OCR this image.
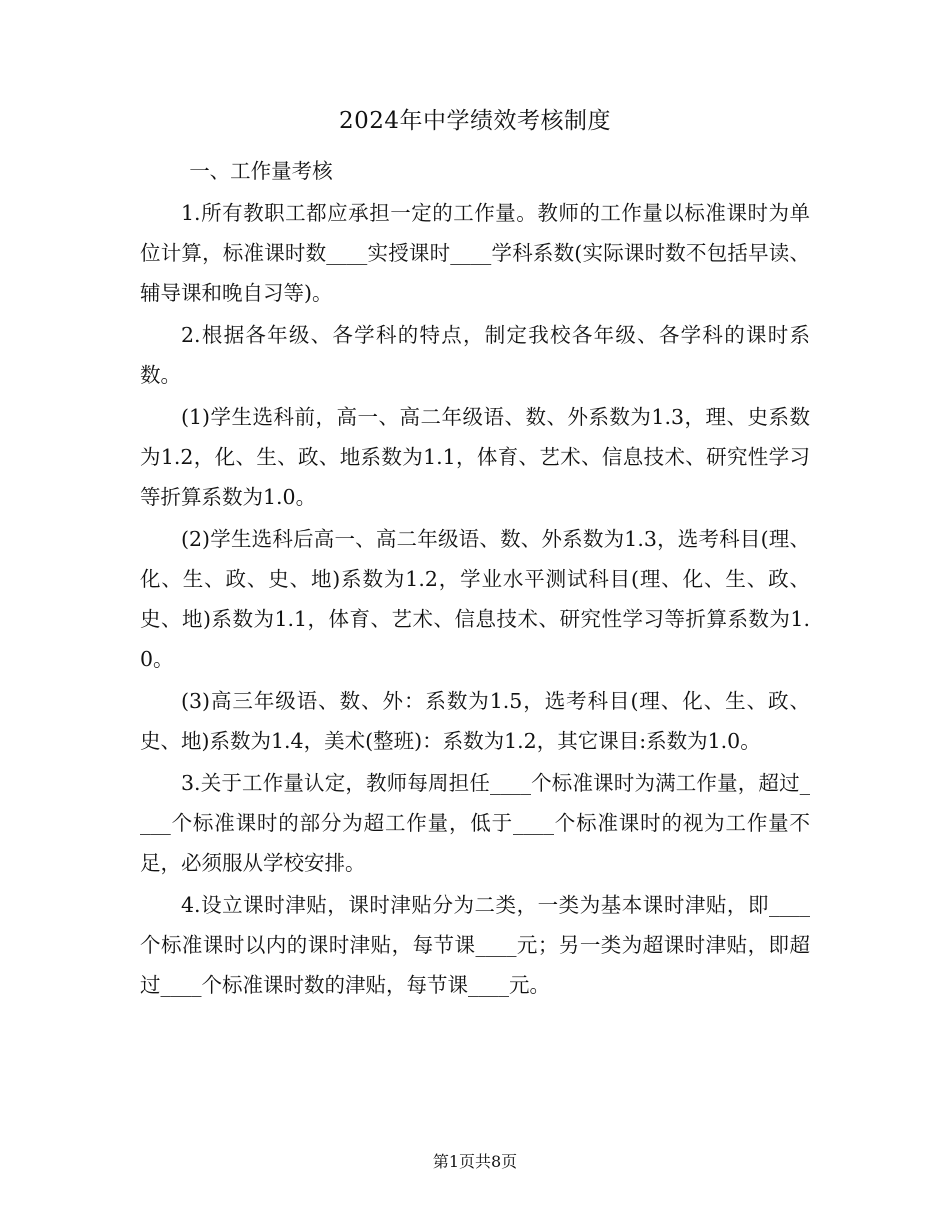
2024年中学绩效考核制度
一、工作量考核

1.所有教职工都应承担一定的工作量。教师的工作量以标准课时为单位计算，标准课时数____实授课时____学科系数(实际课时数不包括早读、辅导课和晚自习等)。

2.根据各年级、各学科的特点，制定我校各年级、各学科的课时系数。

(1)学生选科前，高一、高二年级语、数、外系数为1.3，理、史系数为1.2，化、生、政、地系数为1.1，体育、艺术、信息技术、研究性学习等折算系数为1.0。

(2)学生选科后高一、高二年级语、数、外系数为1.3，选考科目(理、化、生、政、史、地)系数为1.2，学业水平测试科目(理、化、生、政、史、地)系数为1.1，体育、艺术、信息技术、研究性学习等折算系数为1.0。

(3)高三年级语、数、外：系数为1.5，选考科目(理、化、生、政、史、地)系数为1.4，美术(整班)：系数为1.2，其它课目:系数为1.0。

3.关于工作量认定，教师每周担任____个标准课时为满工作量，超过____个标准课时的部分为超工作量，低于____个标准课时的视为工作量不足，必须服从学校安排。

4.设立课时津贴，课时津贴分为二类，一类为基本课时津贴，即____个标准课时以内的课时津贴，每节课____元；另一类为超课时津贴，即超过____个标准课时数的津贴，每节课____元。

第1页共8页
